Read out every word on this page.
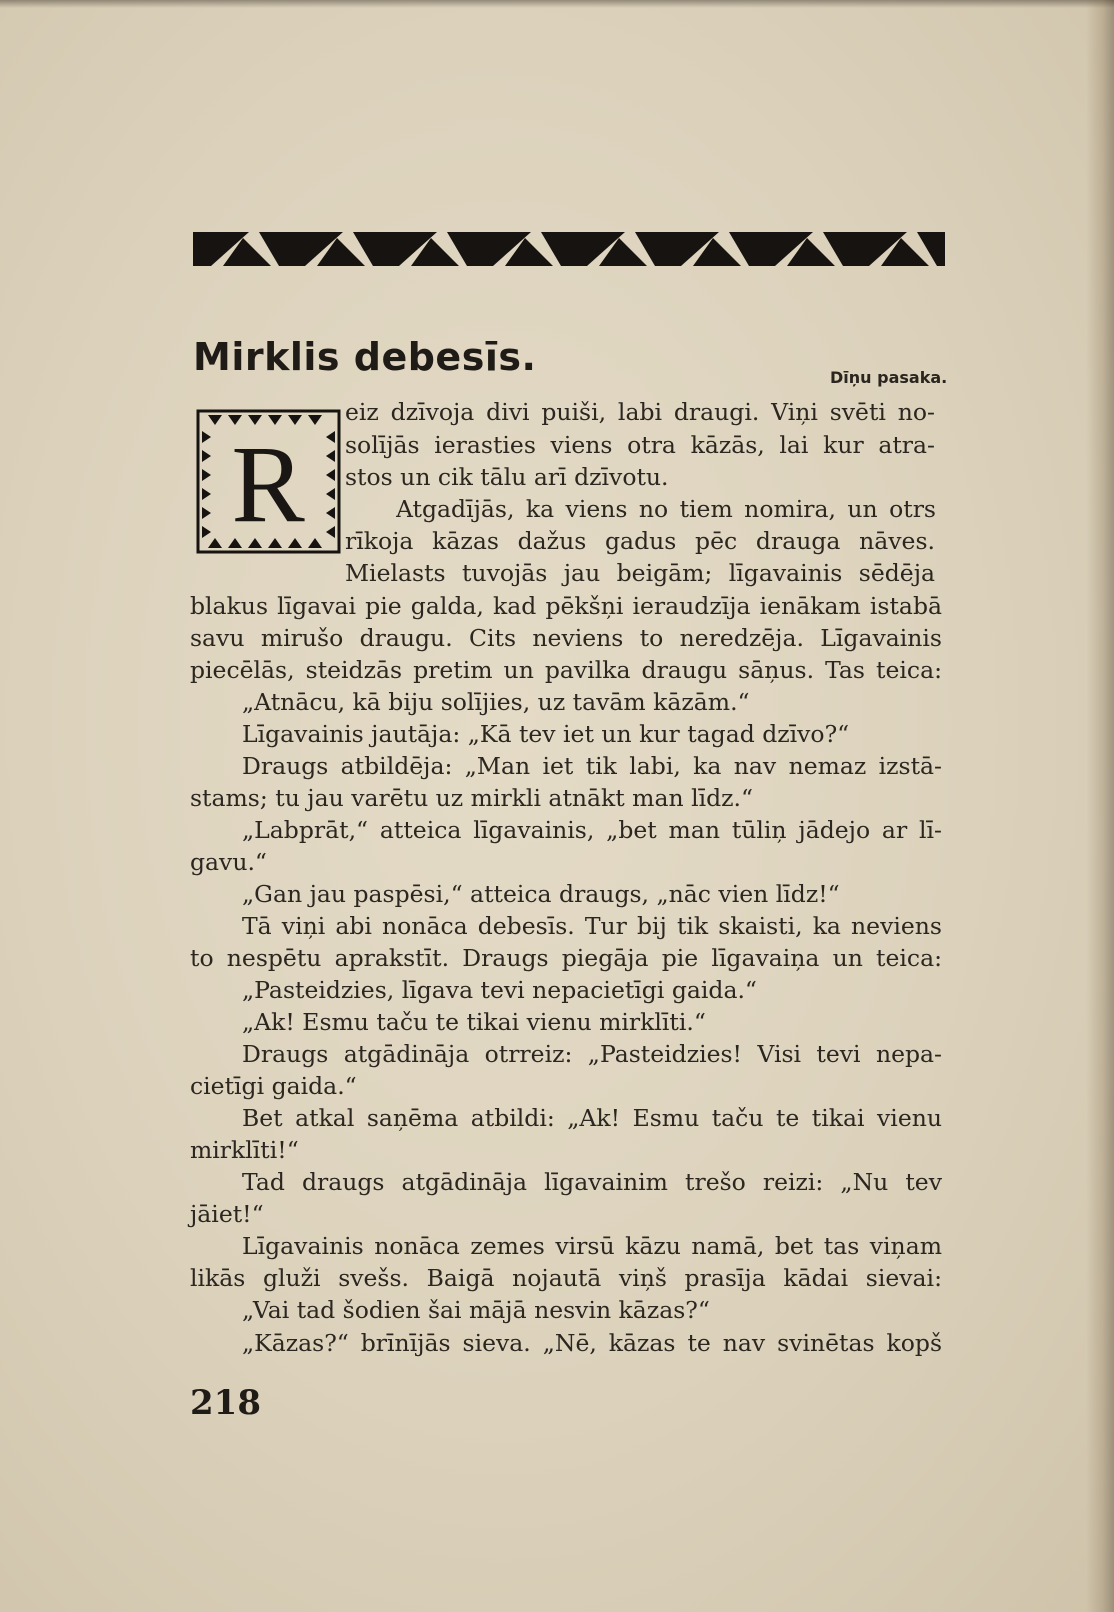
Mirklis debesīs.	Dīņu pasaka.
R
eiz dzīvoja divi puiši, labi draugi. Viņi svēti no-
solījās ierasties viens otra kāzās, lai kur atra-
stos un cik tālu arī dzīvotu.
Atgadījās, ka viens no tiem nomira, un otrs
rīkoja kāzas dažus gadus pēc drauga nāves.
Mielasts tuvojās jau beigām; līgavainis sēdēja
blakus līgavai pie galda, kad pēkšņi ieraudzīja ienākam istabā
savu mirušo draugu. Cits neviens to neredzēja. Līgavainis
piecēlās, steidzās pretim un pavilka draugu sāņus. Tas teica:
„Atnācu, kā biju solījies, uz tavām kāzām.“
Līgavainis jautāja: „Kā tev iet un kur tagad dzīvo?“
Draugs atbildēja: „Man iet tik labi, ka nav nemaz izstā-
stams; tu jau varētu uz mirkli atnākt man līdz.“
„Labprāt,“ atteica līgavainis, „bet man tūliņ jādejo ar lī-
gavu.“
„Gan jau paspēsi,“ atteica draugs, „nāc vien līdz!“
Tā viņi abi nonāca debesīs. Tur bij tik skaisti, ka neviens
to nespētu aprakstīt. Draugs piegāja pie līgavaiņa un teica:
„Pasteidzies, līgava tevi nepacietīgi gaida.“
„Ak! Esmu taču te tikai vienu mirklīti.“
Draugs atgādināja otrreiz: „Pasteidzies! Visi tevi nepa-
cietīgi gaida.“
Bet atkal saņēma atbildi: „Ak! Esmu taču te tikai vienu
mirklīti!“
Tad draugs atgādināja līgavainim trešo reizi: „Nu tev
jāiet!“
Līgavainis nonāca zemes virsū kāzu namā, bet tas viņam
likās gluži svešs. Baigā nojautā viņš prasīja kādai sievai:
„Vai tad šodien šai mājā nesvin kāzas?“
„Kāzas?“ brīnījās sieva. „Nē, kāzas te nav svinētas kopš
218
